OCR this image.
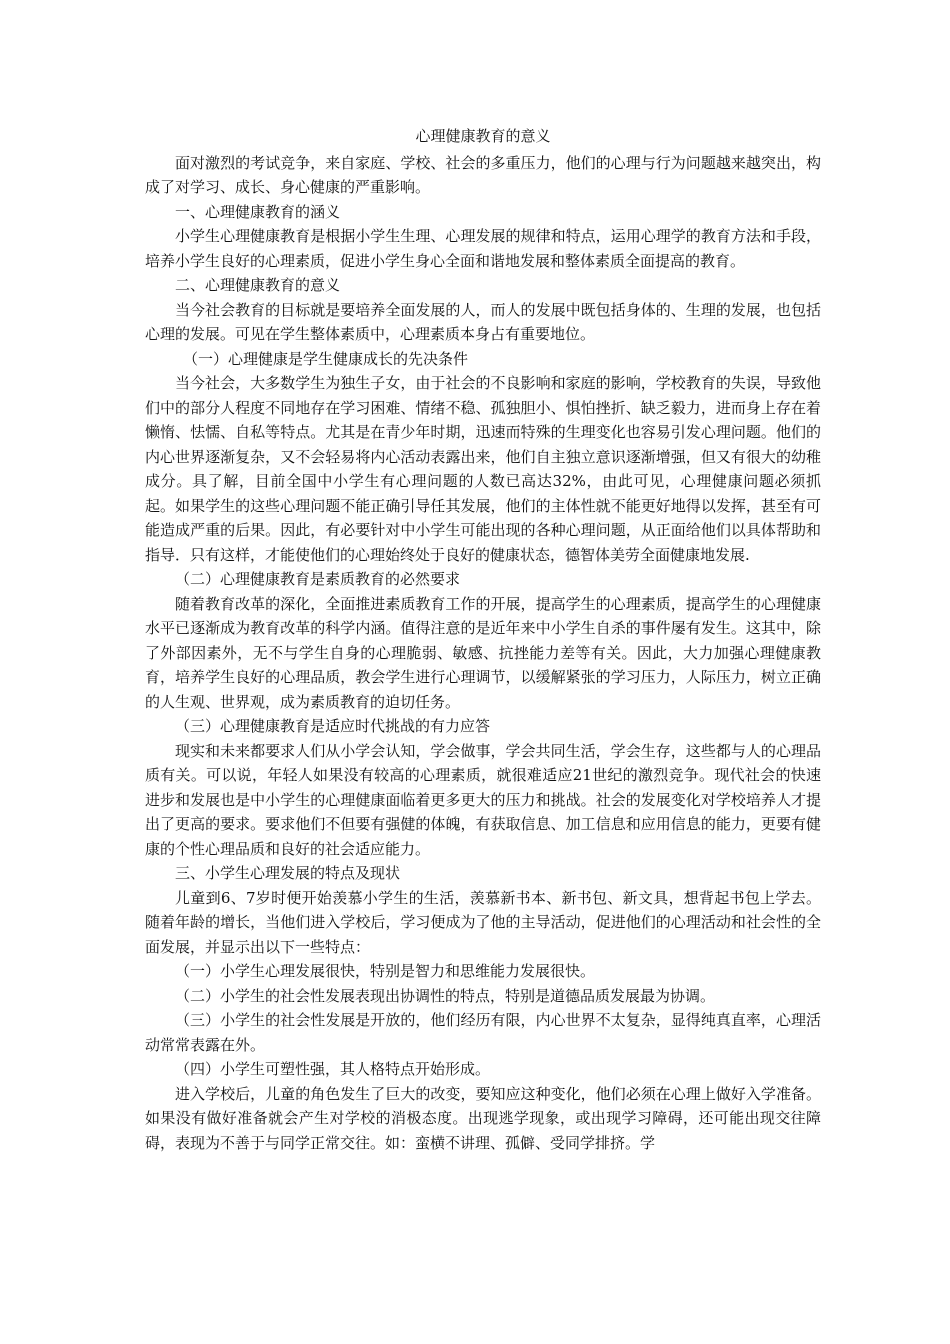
心理健康教育的意义

面对激烈的考试竞争，来自家庭、学校、社会的多重压力，他们的心理与行为问题越来越突出，构成了对学习、成长、身心健康的严重影响。

一、心理健康教育的涵义

小学生心理健康教育是根据小学生生理、心理发展的规律和特点，运用心理学的教育方法和手段，培养小学生良好的心理素质，促进小学生身心全面和谐地发展和整体素质全面提高的教育。

二、心理健康教育的意义

当今社会教育的目标就是要培养全面发展的人，而人的发展中既包括身体的、生理的发展，也包括心理的发展。可见在学生整体素质中，心理素质本身占有重要地位。

（一）心理健康是学生健康成长的先决条件

当今社会，大多数学生为独生子女，由于社会的不良影响和家庭的影响，学校教育的失误，导致他们中的部分人程度不同地存在学习困难、情绪不稳、孤独胆小、惧怕挫折、缺乏毅力，进而身上存在着懒惰、怯懦、自私等特点。尤其是在青少年时期，迅速而特殊的生理变化也容易引发心理问题。他们的内心世界逐渐复杂，又不会轻易将内心活动表露出来，他们自主独立意识逐渐增强，但又有很大的幼稚成分。具了解，目前全国中小学生有心理问题的人数已高达32%，由此可见，心理健康问题必须抓起。如果学生的这些心理问题不能正确引导任其发展，他们的主体性就不能更好地得以发挥，甚至有可能造成严重的后果。因此，有必要针对中小学生可能出现的各种心理问题，从正面给他们以具体帮助和指导．只有这样，才能使他们的心理始终处于良好的健康状态，德智体美劳全面健康地发展.

（二）心理健康教育是素质教育的必然要求

随着教育改革的深化，全面推进素质教育工作的开展，提高学生的心理素质，提高学生的心理健康水平已逐渐成为教育改革的科学内涵。值得注意的是近年来中小学生自杀的事件屡有发生。这其中，除了外部因素外，无不与学生自身的心理脆弱、敏感、抗挫能力差等有关。因此，大力加强心理健康教育，培养学生良好的心理品质，教会学生进行心理调节，以缓解紧张的学习压力，人际压力，树立正确的人生观、世界观，成为素质教育的迫切任务。

（三）心理健康教育是适应时代挑战的有力应答

现实和未来都要求人们从小学会认知，学会做事，学会共同生活，学会生存，这些都与人的心理品质有关。可以说，年轻人如果没有较高的心理素质，就很难适应21世纪的激烈竞争。现代社会的快速进步和发展也是中小学生的心理健康面临着更多更大的压力和挑战。社会的发展变化对学校培养人才提出了更高的要求。要求他们不但要有强健的体魄，有获取信息、加工信息和应用信息的能力，更要有健康的个性心理品质和良好的社会适应能力。

三、小学生心理发展的特点及现状

儿童到6、7岁时便开始羡慕小学生的生活，羡慕新书本、新书包、新文具，想背起书包上学去。随着年龄的增长，当他们进入学校后，学习便成为了他的主导活动，促进他们的心理活动和社会性的全面发展，并显示出以下一些特点：

（一）小学生心理发展很快，特别是智力和思维能力发展很快。

（二）小学生的社会性发展表现出协调性的特点，特别是道德品质发展最为协调。

（三）小学生的社会性发展是开放的，他们经历有限，内心世界不太复杂，显得纯真直率，心理活动常常表露在外。

（四）小学生可塑性强，其人格特点开始形成。

进入学校后，儿童的角色发生了巨大的改变，要知应这种变化，他们必须在心理上做好入学准备。如果没有做好准备就会产生对学校的消极态度。出现逃学现象，或出现学习障碍，还可能出现交往障碍，表现为不善于与同学正常交往。如：蛮横不讲理、孤僻、受同学排挤。学
